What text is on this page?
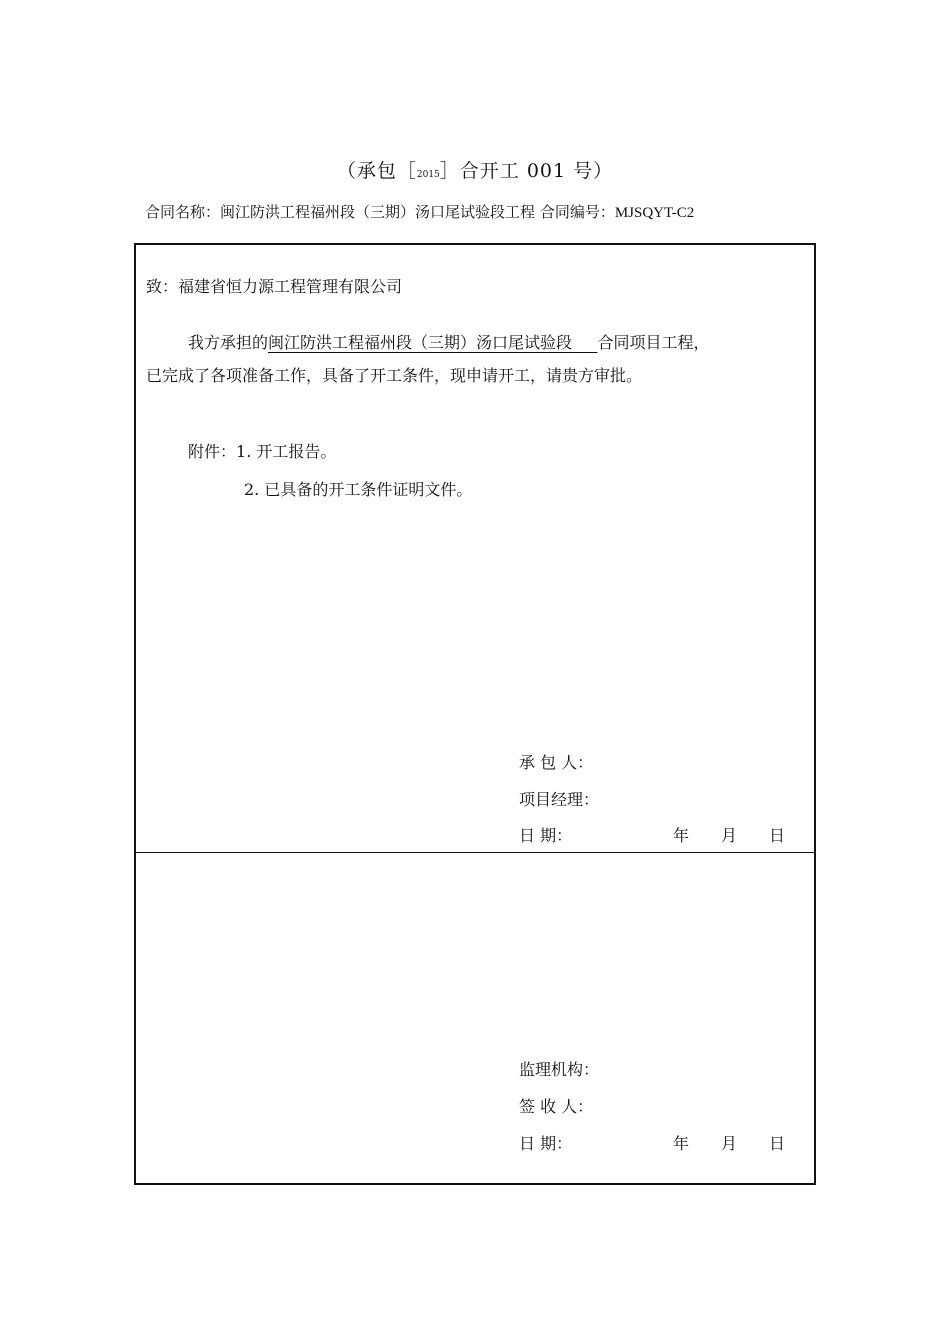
（承包［2015］合开工 001 号）
合同名称：闽江防洪工程福州段（三期）汤口尾试验段工程 合同编号：MJSQYT-C2
致：福建省恒力源工程管理有限公司
我方承担的闽江防洪工程福州段（三期）汤口尾试验段 合同项目工程，
已完成了各项准备工作，具备了开工条件，现申请开工，请贵方审批。
附件：1. 开工报告。
2. 已具备的开工条件证明文件。
承 包 人：
项目经理：
日 期：	年 月 日
监理机构：
签 收 人：
日 期：	年 月 日
